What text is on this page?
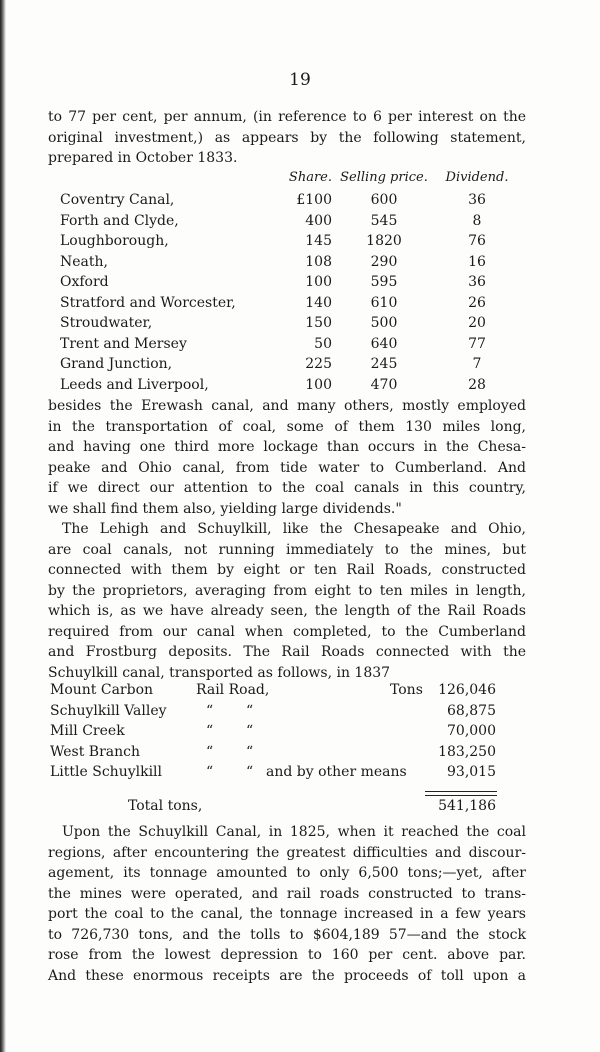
19
to 77 per cent, per annum, (in reference to 6 per interest on the
original investment,) as appears by the following statement,
prepared in October 1833.
Share. Selling price.	Dividend.
Coventry Canal,	£100	600	36
Forth and Clyde,	400	545	8
Loughborough,	145	1820	76
Neath,	108	290	16
Oxford	100	595	36
Stratford and Worcester,	140	610	26
Stroudwater,	150	500	20
Trent and Mersey	50	640	77
Grand Junction,	225	245	7
Leeds and Liverpool,	100	470	28
besides the Erewash canal, and many others, mostly employed
in the transportation of coal, some of them 130 miles long,
and having one third more lockage than occurs in the Chesa-
peake and Ohio canal, from tide water to Cumberland. And
if we direct our attention to the coal canals in this country,
we shall find them also, yielding large dividends."
The Lehigh and Schuylkill, like the Chesapeake and Ohio,
are coal canals, not running immediately to the mines, but
connected with them by eight or ten Rail Roads, constructed
by the proprietors, averaging from eight to ten miles in length,
which is, as we have already seen, the length of the Rail Roads
required from our canal when completed, to the Cumberland
and Frostburg deposits. The Rail Roads connected with the
Schuylkill canal, transported as follows, in 1837
Mount Carbon	Rail Road,	Tons	126,046
Schuylkill Valley	“ “	68,875
Mill Creek	“ “	70,000
West Branch	“ “	183,250
Little Schuylkill	“ “ and by other means	93,015
Total tons,	541,186
Upon the Schuylkill Canal, in 1825, when it reached the coal
regions, after encountering the greatest difficulties and discour-
agement, its tonnage amounted to only 6,500 tons;—yet, after
the mines were operated, and rail roads constructed to trans-
port the coal to the canal, the tonnage increased in a few years
to 726,730 tons, and the tolls to $604,189 57—and the stock
rose from the lowest depression to 160 per cent. above par.
And these enormous receipts are the proceeds of toll upon a
